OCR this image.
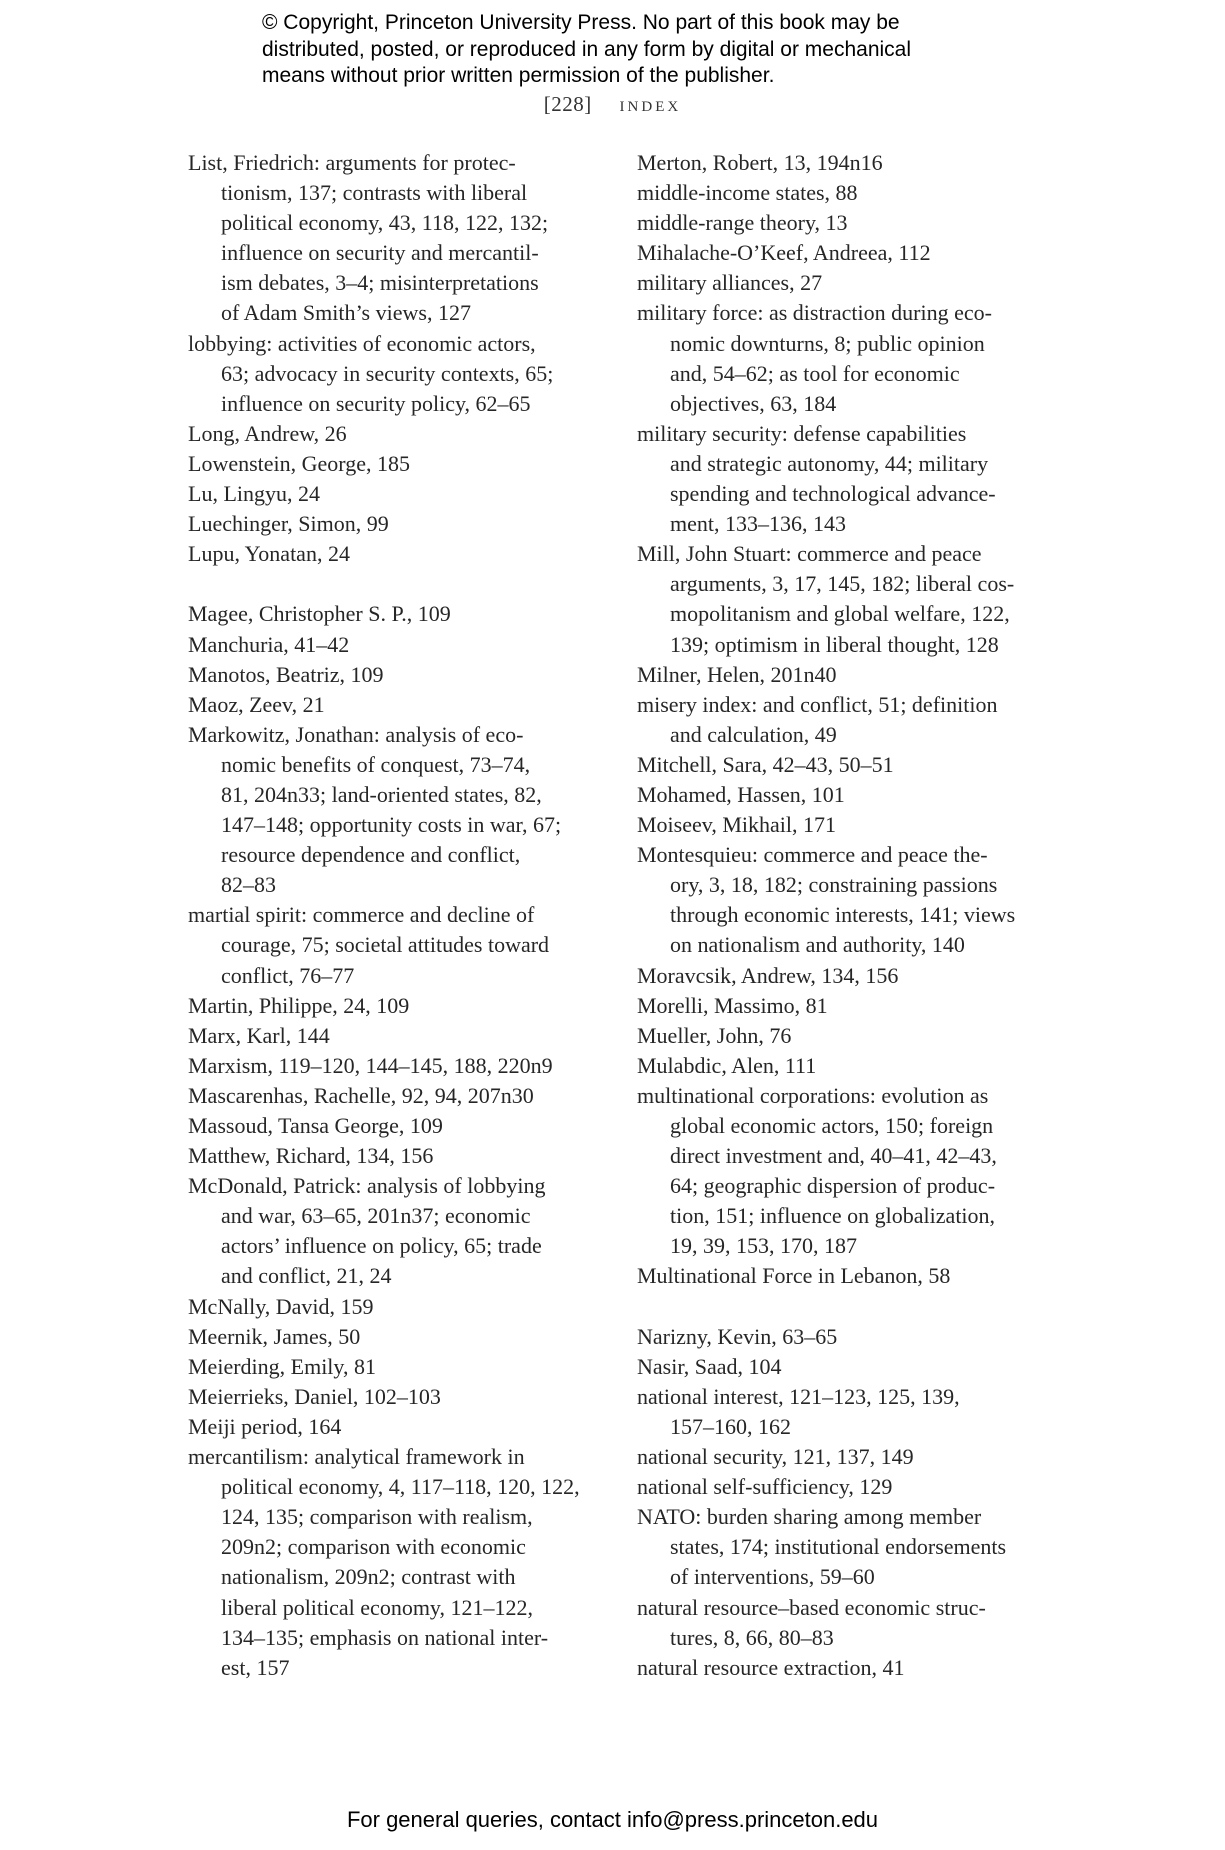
© Copyright, Princeton University Press. No part of this book may be
distributed, posted, or reproduced in any form by digital or mechanical
means without prior written permission of the publisher.
[228] index
List, Friedrich: arguments for protec-
tionism, 137; contrasts with liberal
political economy, 43, 118, 122, 132;
influence on security and mercantil-
ism debates, 3–4; misinterpretations
of Adam Smith’s views, 127
lobbying: activities of economic actors,
63; advocacy in security contexts, 65;
influence on security policy, 62–65
Long, Andrew, 26
Lowenstein, George, 185
Lu, Lingyu, 24
Luechinger, Simon, 99
Lupu, Yonatan, 24
Magee, Christopher S. P., 109
Manchuria, 41–42
Manotos, Beatriz, 109
Maoz, Zeev, 21
Markowitz, Jonathan: analysis of eco-
nomic benefits of conquest, 73–74,
81, 204n33; land-oriented states, 82,
147–148; opportunity costs in war, 67;
resource dependence and conflict,
82–83
martial spirit: commerce and decline of
courage, 75; societal attitudes toward
conflict, 76–77
Martin, Philippe, 24, 109
Marx, Karl, 144
Marxism, 119–120, 144–145, 188, 220n9
Mascarenhas, Rachelle, 92, 94, 207n30
Massoud, Tansa George, 109
Matthew, Richard, 134, 156
McDonald, Patrick: analysis of lobbying
and war, 63–65, 201n37; economic
actors’ influence on policy, 65; trade
and conflict, 21, 24
McNally, David, 159
Meernik, James, 50
Meierding, Emily, 81
Meierrieks, Daniel, 102–103
Meiji period, 164
mercantilism: analytical framework in
political economy, 4, 117–118, 120, 122,
124, 135; comparison with realism,
209n2; comparison with economic
nationalism, 209n2; contrast with
liberal political economy, 121–122,
134–135; emphasis on national inter-
est, 157
Merton, Robert, 13, 194n16
middle-income states, 88
middle-range theory, 13
Mihalache-O’Keef, Andreea, 112
military alliances, 27
military force: as distraction during eco-
nomic downturns, 8; public opinion
and, 54–62; as tool for economic
objectives, 63, 184
military security: defense capabilities
and strategic autonomy, 44; military
spending and technological advance-
ment, 133–136, 143
Mill, John Stuart: commerce and peace
arguments, 3, 17, 145, 182; liberal cos-
mopolitanism and global welfare, 122,
139; optimism in liberal thought, 128
Milner, Helen, 201n40
misery index: and conflict, 51; definition
and calculation, 49
Mitchell, Sara, 42–43, 50–51
Mohamed, Hassen, 101
Moiseev, Mikhail, 171
Montesquieu: commerce and peace the-
ory, 3, 18, 182; constraining passions
through economic interests, 141; views
on nationalism and authority, 140
Moravcsik, Andrew, 134, 156
Morelli, Massimo, 81
Mueller, John, 76
Mulabdic, Alen, 111
multinational corporations: evolution as
global economic actors, 150; foreign
direct investment and, 40–41, 42–43,
64; geographic dispersion of produc-
tion, 151; influence on globalization,
19, 39, 153, 170, 187
Multinational Force in Lebanon, 58
Narizny, Kevin, 63–65
Nasir, Saad, 104
national interest, 121–123, 125, 139,
157–160, 162
national security, 121, 137, 149
national self-sufficiency, 129
NATO: burden sharing among member
states, 174; institutional endorsements
of interventions, 59–60
natural resource–based economic struc-
tures, 8, 66, 80–83
natural resource extraction, 41
For general queries, contact info@press.princeton.edu
